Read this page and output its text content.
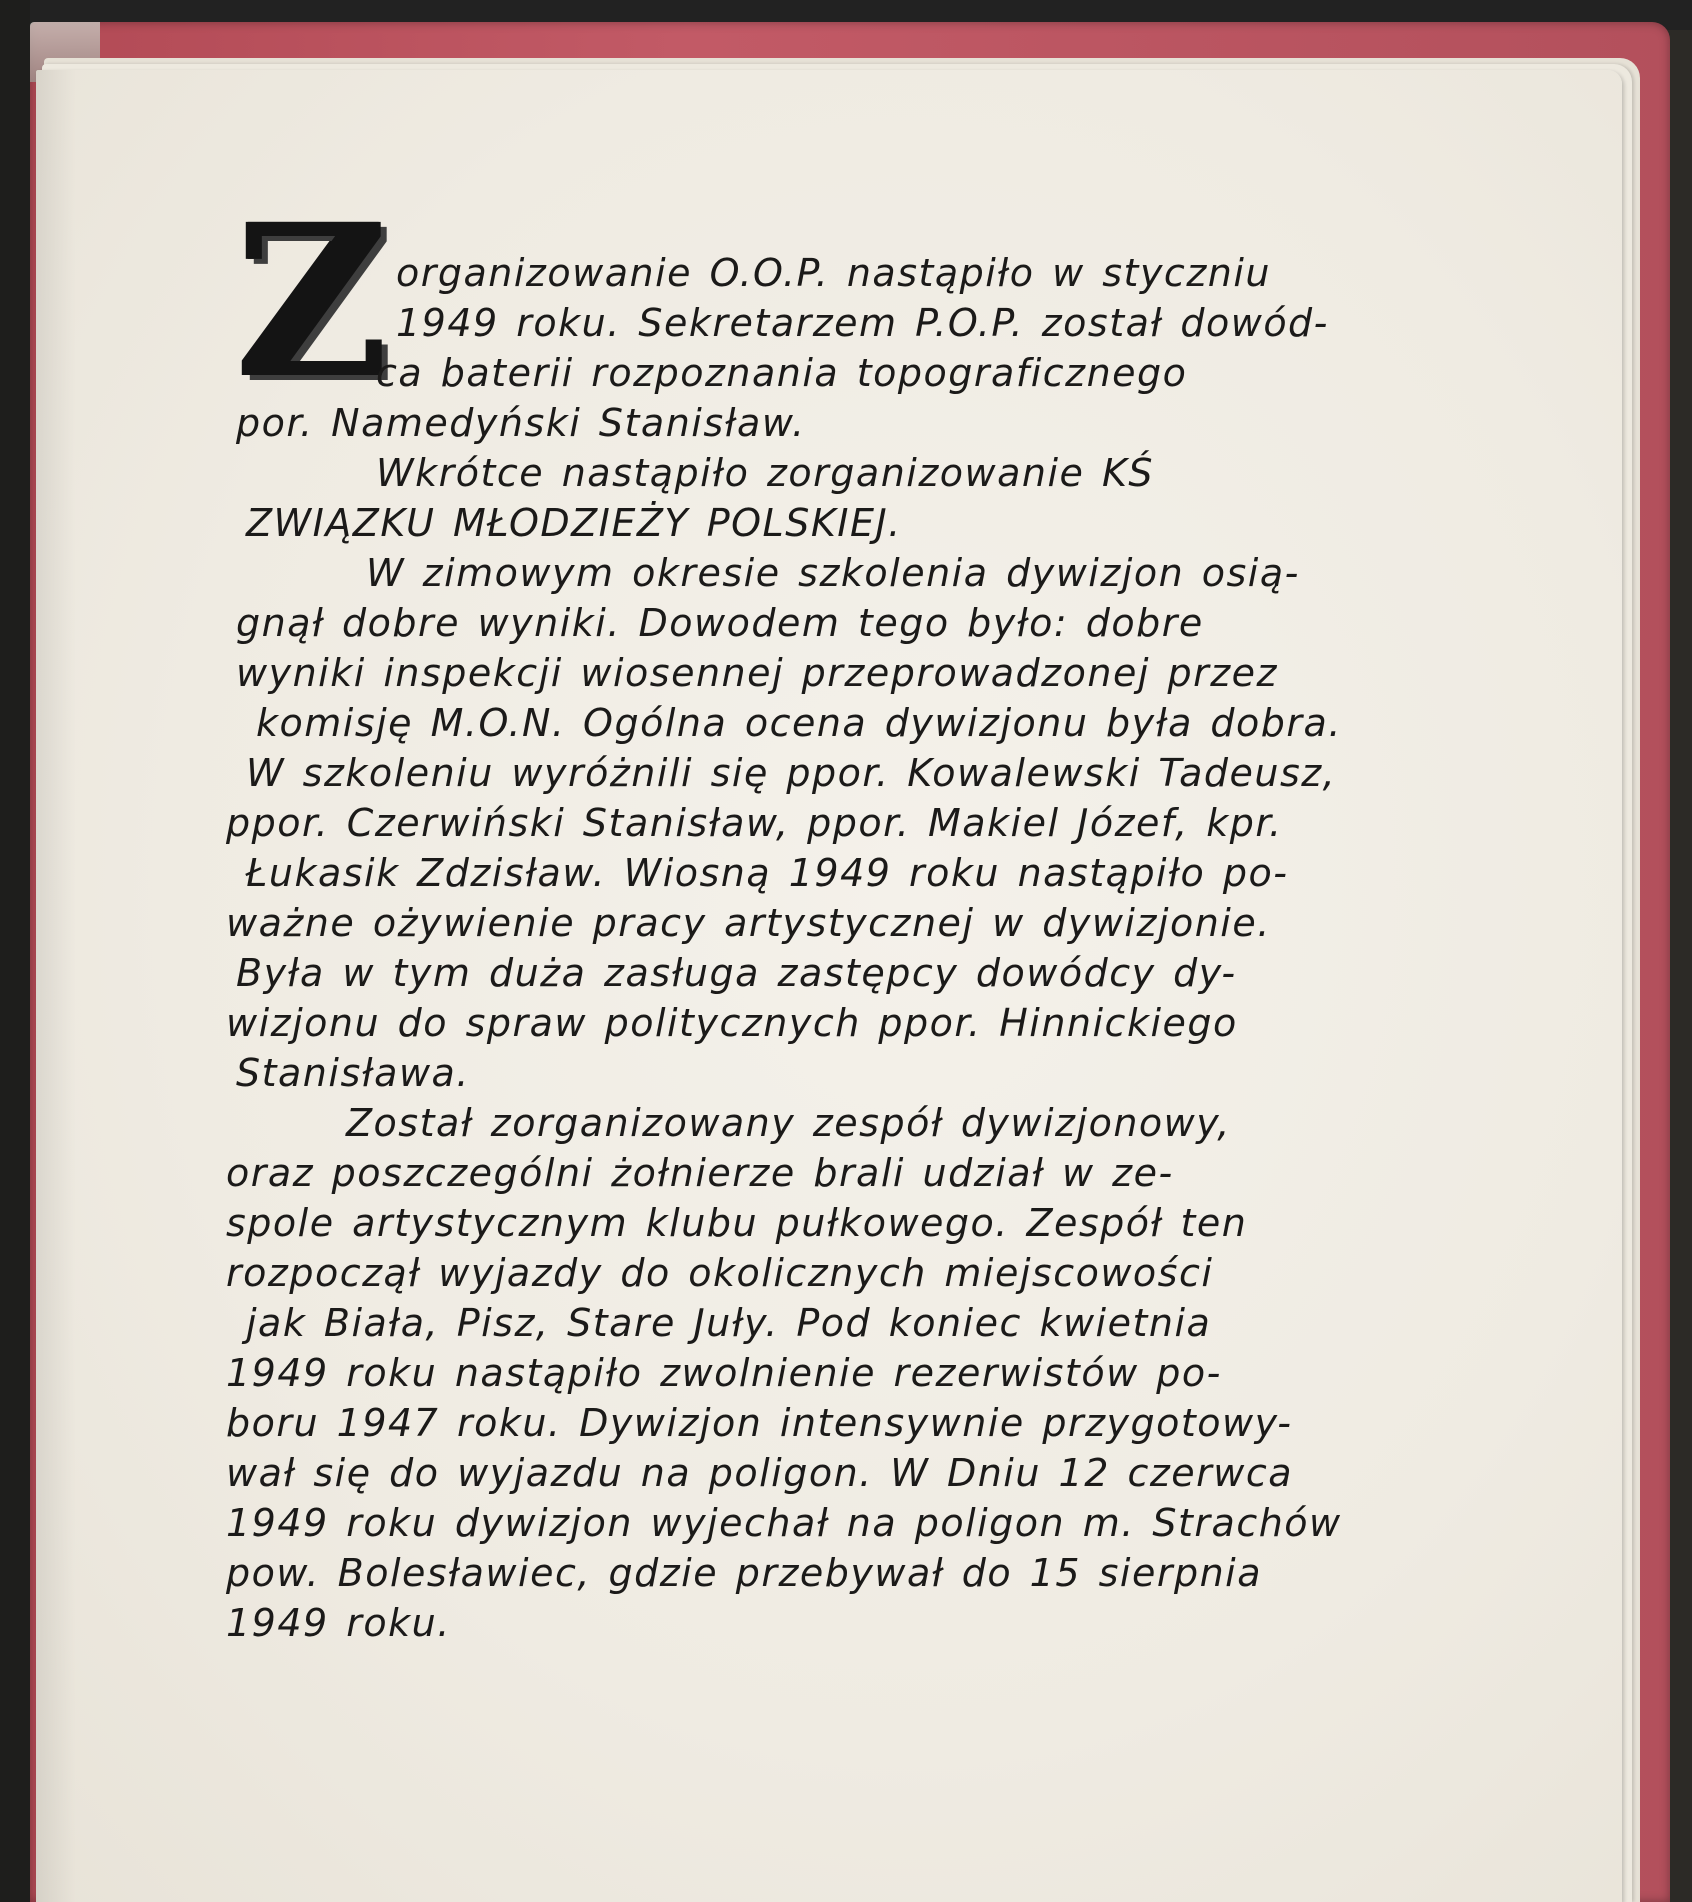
Z organizowanie O.O.P. nastąpiło w styczniu
1949 roku. Sekretarzem P.O.P. został dowód-
ca baterii rozpoznania topograficznego
por. Namedyński Stanisław.
Wkrótce nastąpiło zorganizowanie KŚ
ZWIĄZKU MŁODZIEŻY POLSKIEJ.
W zimowym okresie szkolenia dywizjon osią-
gnął dobre wyniki. Dowodem tego było: dobre
wyniki inspekcji wiosennej przeprowadzonej przez
komisję M.O.N. Ogólna ocena dywizjonu była dobra.
W szkoleniu wyróżnili się ppor. Kowalewski Tadeusz,
ppor. Czerwiński Stanisław, ppor. Makiel Józef, kpr.
Łukasik Zdzisław. Wiosną 1949 roku nastąpiło po-
ważne ożywienie pracy artystycznej w dywizjonie.
Była w tym duża zasługa zastępcy dowódcy dy-
wizjonu do spraw politycznych ppor. Hinnickiego
Stanisława.
Został zorganizowany zespół dywizjonowy,
oraz poszczególni żołnierze brali udział w ze-
spole artystycznym klubu pułkowego. Zespół ten
rozpoczął wyjazdy do okolicznych miejscowości
jak Biała, Pisz, Stare Juły. Pod koniec kwietnia
1949 roku nastąpiło zwolnienie rezerwistów po-
boru 1947 roku. Dywizjon intensywnie przygotowy-
wał się do wyjazdu na poligon. W Dniu 12 czerwca
1949 roku dywizjon wyjechał na poligon m. Strachów
pow. Bolesławiec, gdzie przebywał do 15 sierpnia
1949 roku.
